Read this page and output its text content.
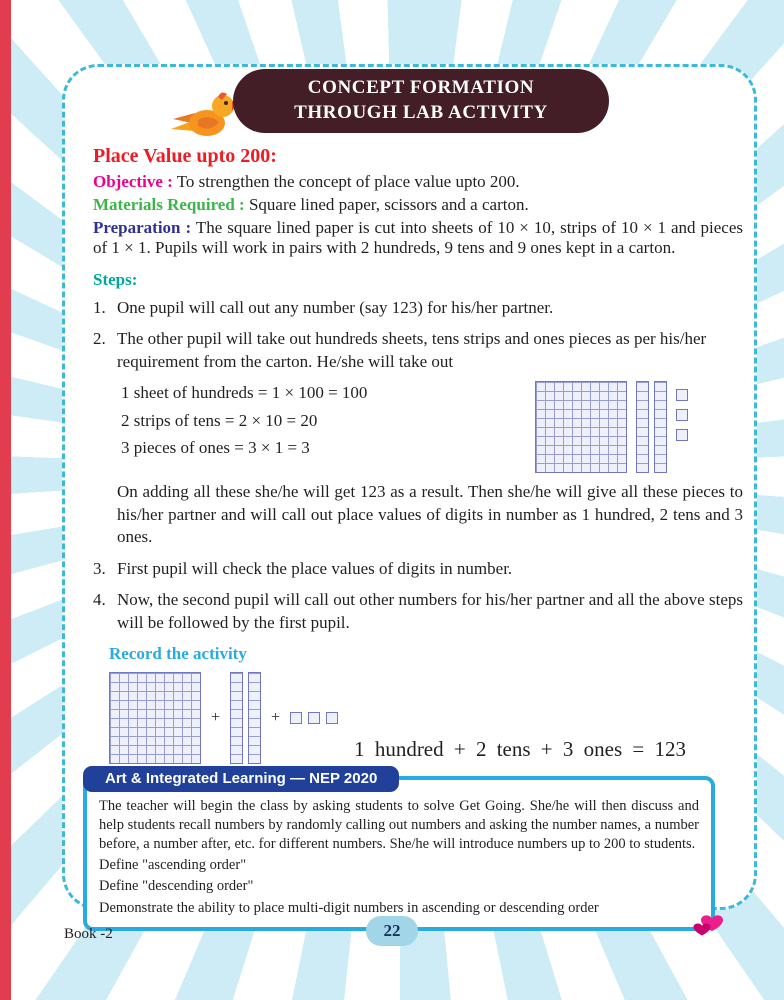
CONCEPT FORMATION
THROUGH LAB ACTIVITY
Place Value upto 200:

Objective : To strengthen the concept of place value upto 200.

Materials Required : Square lined paper, scissors and a carton.

Preparation : The square lined paper is cut into sheets of 10 × 10, strips of 10 × 1 and pieces of 1 × 1. Pupils will work in pairs with 2 hundreds, 9 tens and 9 ones kept in a carton.

Steps:
1. One pupil will call out any number (say 123) for his/her partner.
2. The other pupil will take out hundreds sheets, tens strips and ones pieces as per his/her requirement from the carton. He/she will take out
1 sheet of hundreds = 1 × 100 = 100
2 strips of tens = 2 × 10 = 20
3 pieces of ones = 3 × 1 = 3

On adding all these she/he will get 123 as a result. Then she/he will give all these pieces to his/her partner and will call out place values of digits in number as 1 hundred, 2 tens and 3 ones.

3. First pupil will check the place values of digits in number.
4. Now, the second pupil will call out other numbers for his/her partner and all the above steps will be followed by the first pupil.
Record the activity
+	+
1 hundred + 2 tens + 3 ones = 123
Art & Integrated Learning — NEP 2020

The teacher will begin the class by asking students to solve Get Going. She/he will then discuss and help students recall numbers by randomly calling out numbers and asking the number names, a number before, a number after, etc. for different numbers. She/he will introduce numbers up to 200 to students.

Define "ascending order"
Define "descending order"
Demonstrate the ability to place multi-digit numbers in ascending or descending order
Book -2	22
